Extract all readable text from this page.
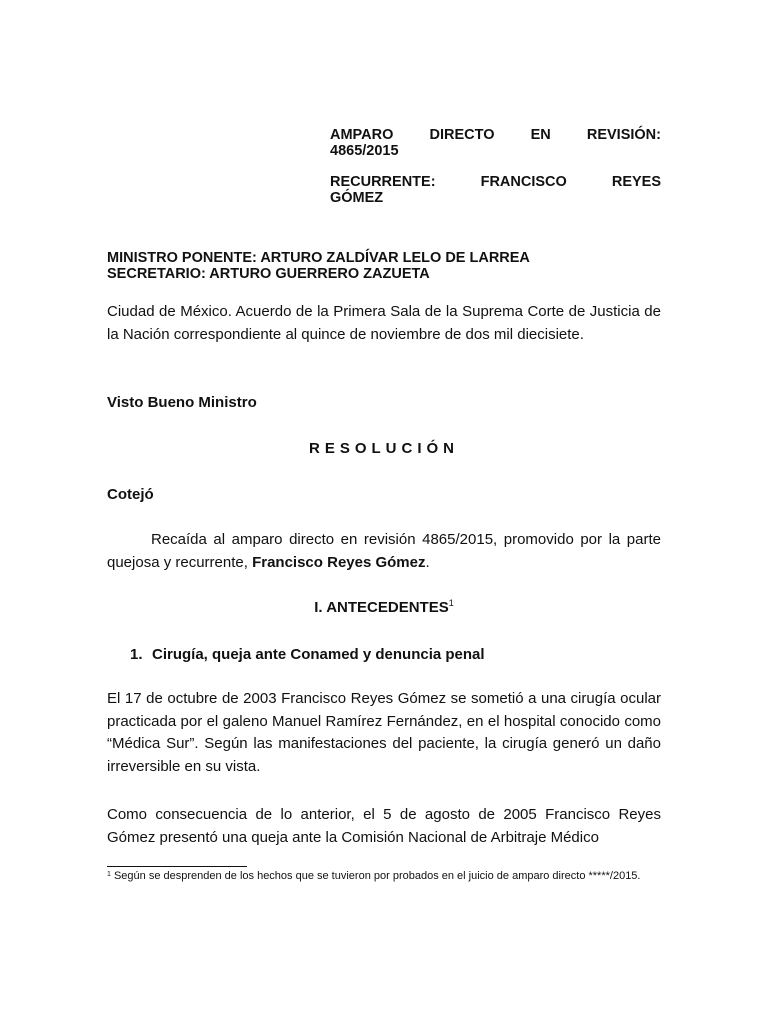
AMPARO DIRECTO EN REVISIÓN:
4865/2015
RECURRENTE: FRANCISCO REYES
GÓMEZ
MINISTRO PONENTE: ARTURO ZALDÍVAR LELO DE LARREA
SECRETARIO: ARTURO GUERRERO ZAZUETA
Ciudad de México. Acuerdo de la Primera Sala de la Suprema Corte de Justicia de la Nación correspondiente al quince de noviembre de dos mil diecisiete.
Visto Bueno Ministro
RESOLUCIÓN
Cotejó
Recaída al amparo directo en revisión 4865/2015, promovido por la parte quejosa y recurrente, Francisco Reyes Gómez.
I. ANTECEDENTES$^1$
1. Cirugía, queja ante Conamed y denuncia penal
El 17 de octubre de 2003 Francisco Reyes Gómez se sometió a una cirugía ocular practicada por el galeno Manuel Ramírez Fernández, en el hospital conocido como “Médica Sur”. Según las manifestaciones del paciente, la cirugía generó un daño irreversible en su vista.
Como consecuencia de lo anterior, el 5 de agosto de 2005 Francisco Reyes Gómez presentó una queja ante la Comisión Nacional de Arbitraje Médico
$^1$ Según se desprenden de los hechos que se tuvieron por probados en el juicio de amparo directo *****/2015.
